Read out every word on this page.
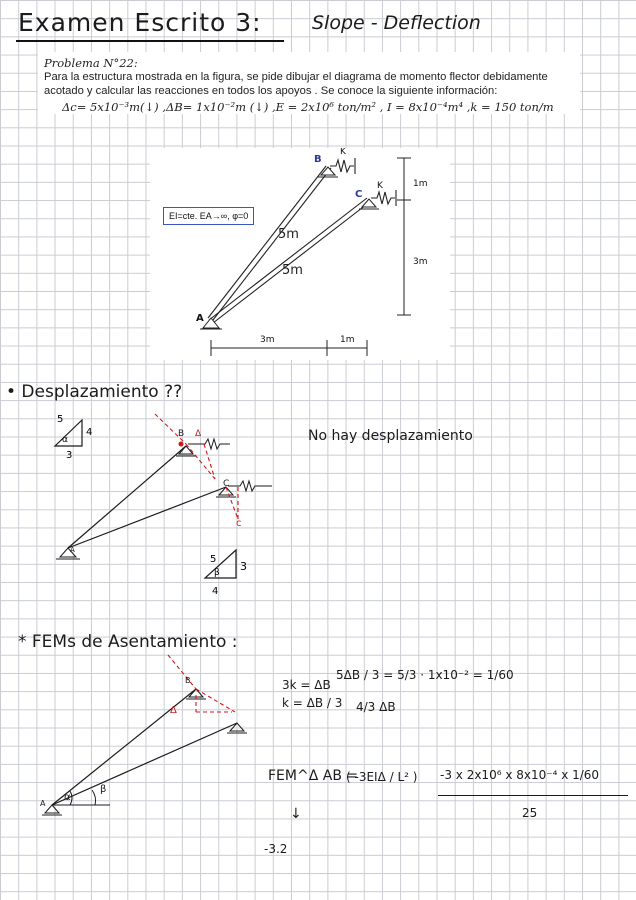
Examen Escrito 3:	Slope - Deflection
Problema N°22:
Para la estructura mostrada en la figura, se pide dibujar el diagrama de momento flector debidamente acotado y calcular las reacciones en todos los apoyos . Se conoce la siguiente información:
Δc= 5x10⁻³m(↓) ,ΔB= 1x10⁻²m (↓) ,E = 2x10⁶ ton/m² , I = 8x10⁻⁴m⁴ ,k = 150 ton/m
A
B
C
K
K
5m
5m
1m
3m
3m	1m
EI=cte. EA→∞, φ=0
• Desplazamiento ??
No hay desplazamiento
5
4
3
α
B
C
A
Δ
c
5
3
4
β
* FEMs de Asentamiento :
B
A
Δ
α
β
3k = ΔB
k = ΔB / 3
5ΔB / 3 = 5/3 · 1x10⁻² = 1/60
4/3 ΔB
FEM^Δ AB =
( -3EIΔ / L² ) -3 x 2x10⁶ x 8x10⁻⁴ x 1/60
25
↓
-3.2
